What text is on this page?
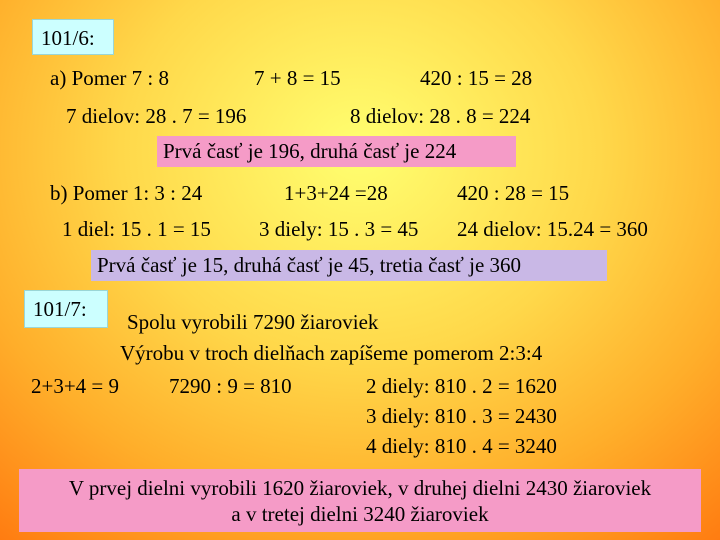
101/6:
a) Pomer 7 : 8	7 + 8 = 15	420 : 15 = 28
7 dielov: 28 . 7 = 196	8 dielov: 28 . 8 = 224
Prvá časť je 196, druhá časť je 224
b) Pomer 1: 3 : 24	1+3+24 =28	420 : 28 = 15
1 diel: 15 . 1 = 15 3 diely: 15 . 3 = 45 24 dielov: 15.24 = 360
Prvá časť je 15, druhá časť je 45, tretia časť je 360
101/7:
Spolu vyrobili 7290 žiaroviek
Výrobu v troch dielňach zapíšeme pomerom 2:3:4
2+3+4 = 9 7290 : 9 = 810	2 diely: 810 . 2 = 1620
3 diely: 810 . 3 = 2430
4 diely: 810 . 4 = 3240
V prvej dielni vyrobili 1620 žiaroviek, v druhej dielni 2430 žiaroviek
a v tretej dielni 3240 žiaroviek
